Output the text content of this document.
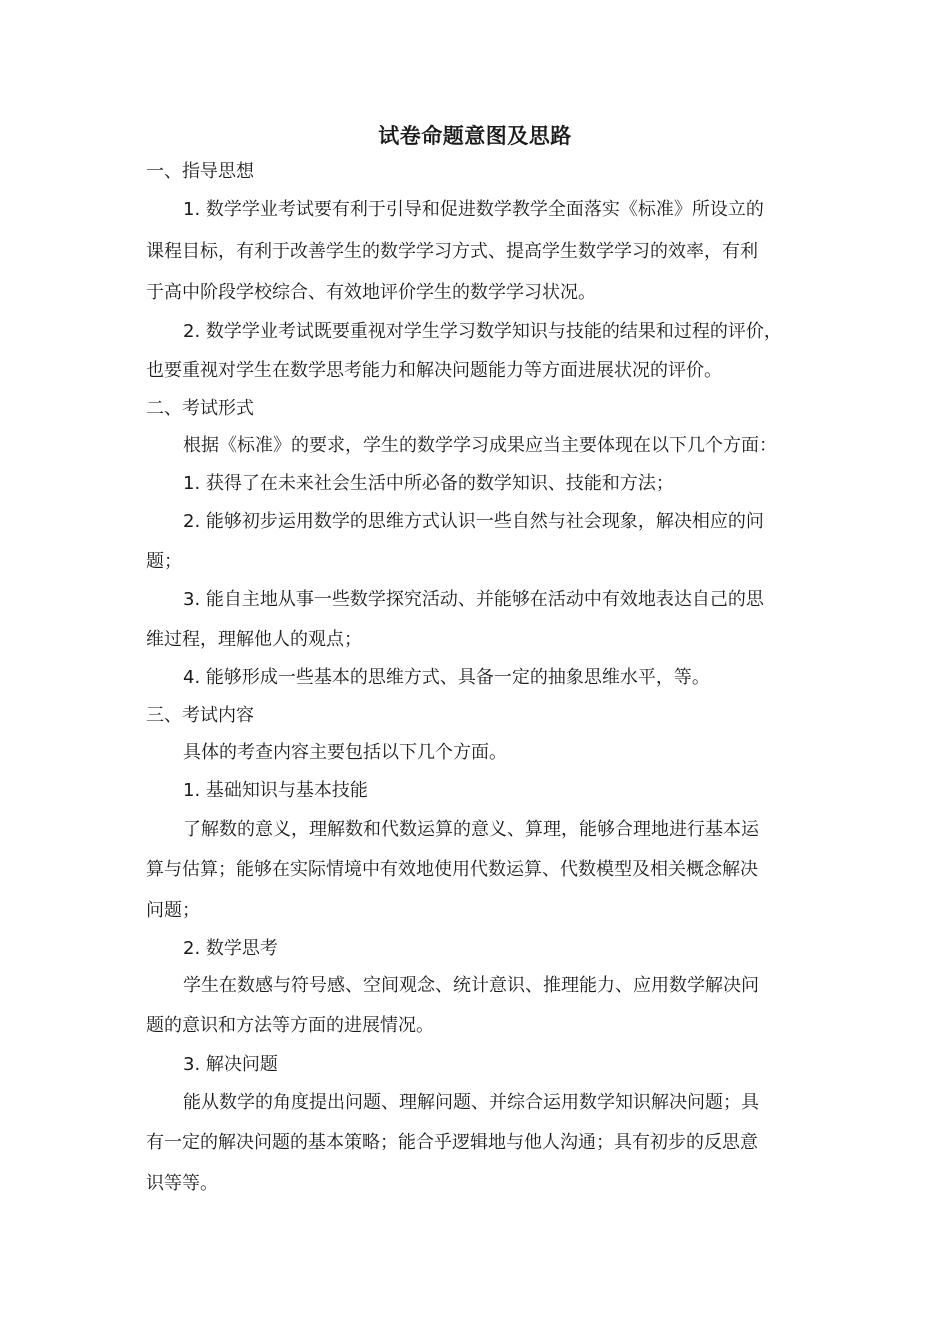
试卷命题意图及思路
一、指导思想
1. 数学学业考试要有利于引导和促进数学教学全面落实《标准》所设立的
课程目标，有利于改善学生的数学学习方式、提高学生数学学习的效率，有利
于高中阶段学校综合、有效地评价学生的数学学习状况。
2. 数学学业考试既要重视对学生学习数学知识与技能的结果和过程的评价，
也要重视对学生在数学思考能力和解决问题能力等方面进展状况的评价。
二、考试形式
根据《标准》的要求，学生的数学学习成果应当主要体现在以下几个方面：
1. 获得了在未来社会生活中所必备的数学知识、技能和方法；
2. 能够初步运用数学的思维方式认识一些自然与社会现象，解决相应的问
题；
3. 能自主地从事一些数学探究活动、并能够在活动中有效地表达自己的思
维过程，理解他人的观点；
4. 能够形成一些基本的思维方式、具备一定的抽象思维水平，等。
三、考试内容
具体的考查内容主要包括以下几个方面。
1. 基础知识与基本技能
了解数的意义，理解数和代数运算的意义、算理，能够合理地进行基本运
算与估算；能够在实际情境中有效地使用代数运算、代数模型及相关概念解决
问题；
2. 数学思考
学生在数感与符号感、空间观念、统计意识、推理能力、应用数学解决问
题的意识和方法等方面的进展情况。
3. 解决问题
能从数学的角度提出问题、理解问题、并综合运用数学知识解决问题；具
有一定的解决问题的基本策略；能合乎逻辑地与他人沟通；具有初步的反思意
识等等。
